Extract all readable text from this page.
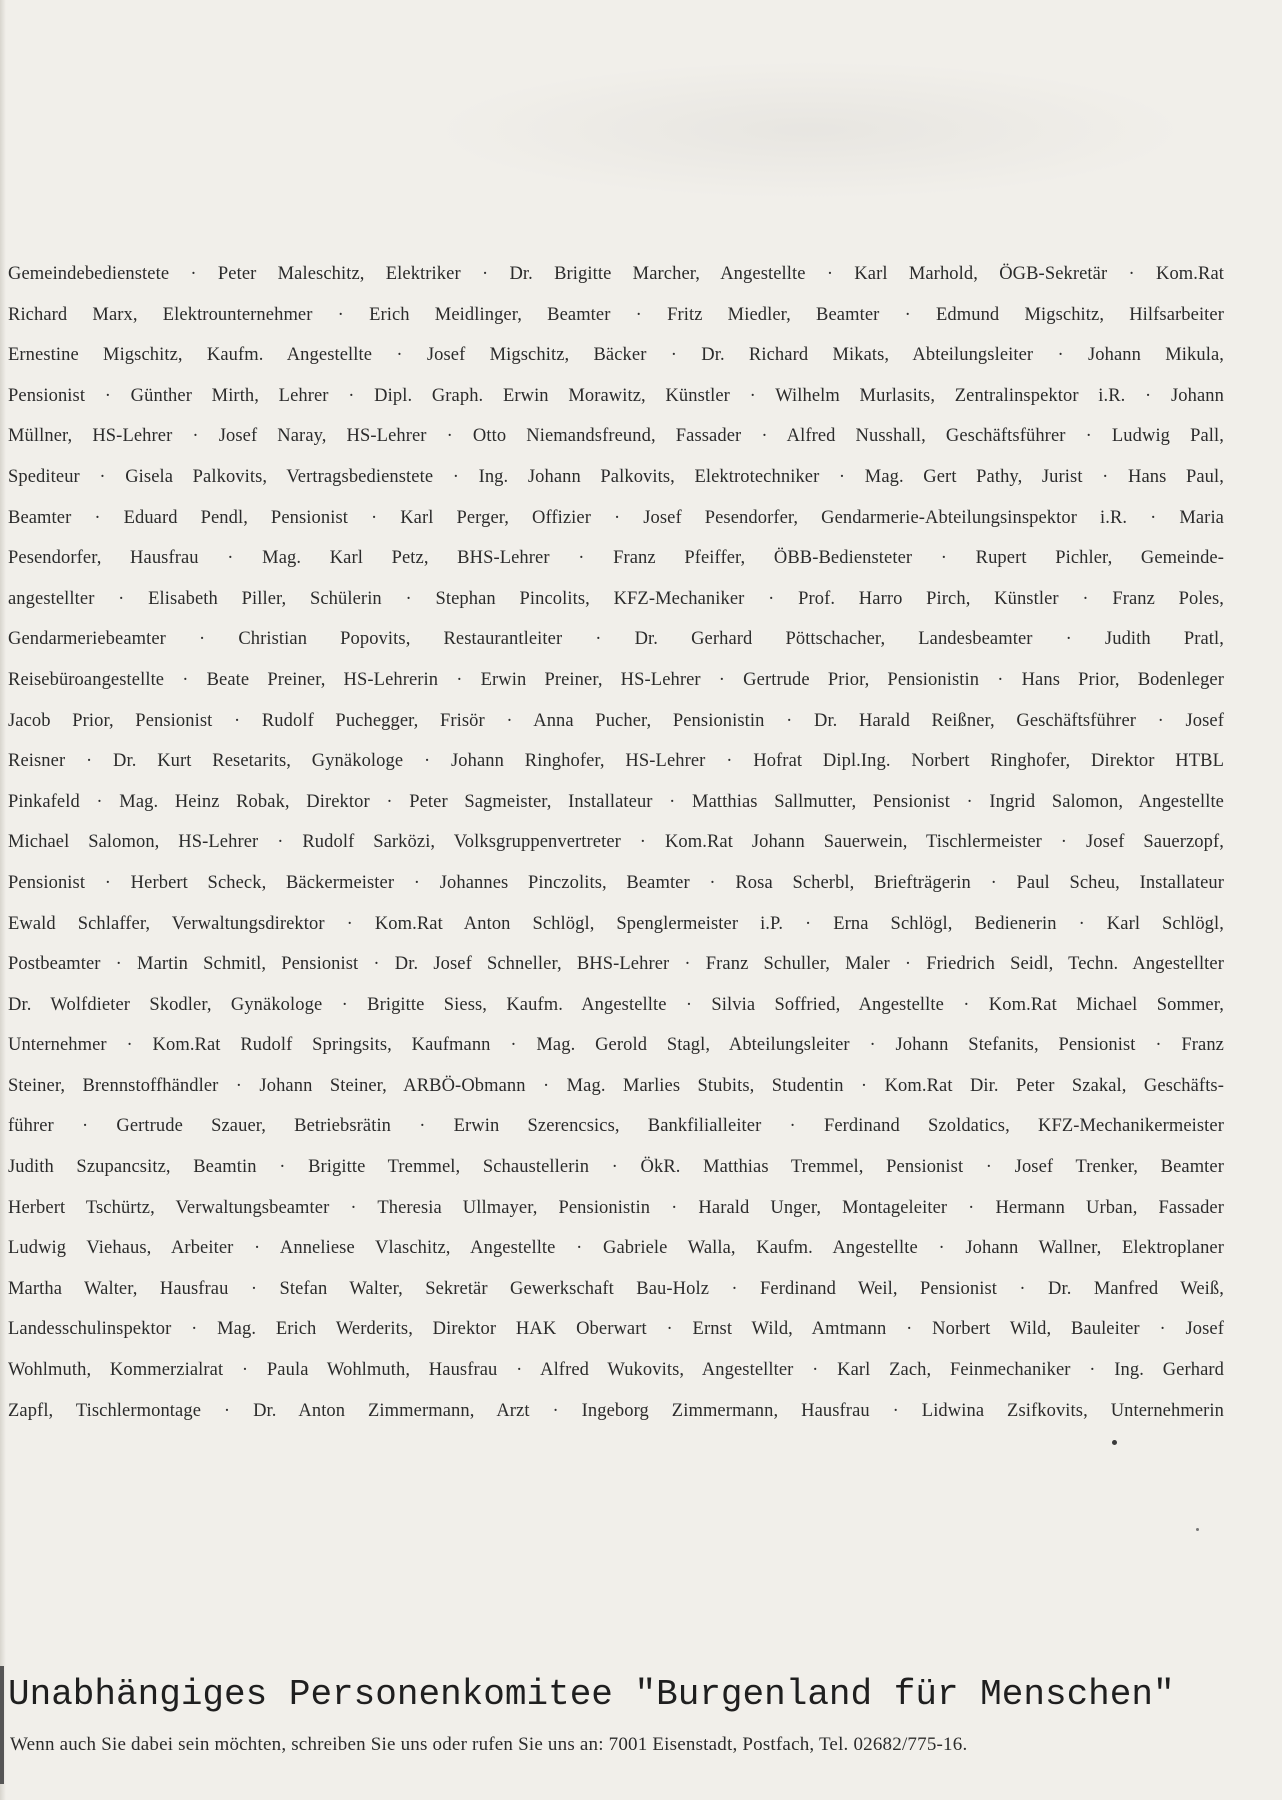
Gemeindebedienstete · Peter Maleschitz, Elektriker · Dr. Brigitte Marcher, Angestellte · Karl Marhold, ÖGB-Sekretär · Kom.Rat
Richard Marx, Elektrounternehmer · Erich Meidlinger, Beamter · Fritz Miedler, Beamter · Edmund Migschitz, Hilfsarbeiter
Ernestine Migschitz, Kaufm. Angestellte · Josef Migschitz, Bäcker · Dr. Richard Mikats, Abteilungsleiter · Johann Mikula,
Pensionist · Günther Mirth, Lehrer · Dipl. Graph. Erwin Morawitz, Künstler · Wilhelm Murlasits, Zentralinspektor i.R. · Johann
Müllner, HS-Lehrer · Josef Naray, HS-Lehrer · Otto Niemandsfreund, Fassader · Alfred Nusshall, Geschäftsführer · Ludwig Pall,
Spediteur · Gisela Palkovits, Vertragsbedienstete · Ing. Johann Palkovits, Elektrotechniker · Mag. Gert Pathy, Jurist · Hans Paul,
Beamter · Eduard Pendl, Pensionist · Karl Perger, Offizier · Josef Pesendorfer, Gendarmerie-Abteilungsinspektor i.R. · Maria
Pesendorfer, Hausfrau · Mag. Karl Petz, BHS-Lehrer · Franz Pfeiffer, ÖBB-Bediensteter · Rupert Pichler, Gemeinde-
angestellter · Elisabeth Piller, Schülerin · Stephan Pincolits, KFZ-Mechaniker · Prof. Harro Pirch, Künstler · Franz Poles,
Gendarmeriebeamter · Christian Popovits, Restaurantleiter · Dr. Gerhard Pöttschacher, Landesbeamter · Judith Pratl,
Reisebüroangestellte · Beate Preiner, HS-Lehrerin · Erwin Preiner, HS-Lehrer · Gertrude Prior, Pensionistin · Hans Prior, Bodenleger
Jacob Prior, Pensionist · Rudolf Puchegger, Frisör · Anna Pucher, Pensionistin · Dr. Harald Reißner, Geschäftsführer · Josef
Reisner · Dr. Kurt Resetarits, Gynäkologe · Johann Ringhofer, HS-Lehrer · Hofrat Dipl.Ing. Norbert Ringhofer, Direktor HTBL
Pinkafeld · Mag. Heinz Robak, Direktor · Peter Sagmeister, Installateur · Matthias Sallmutter, Pensionist · Ingrid Salomon, Angestellte
Michael Salomon, HS-Lehrer · Rudolf Sarközi, Volksgruppenvertreter · Kom.Rat Johann Sauerwein, Tischlermeister · Josef Sauerzopf,
Pensionist · Herbert Scheck, Bäckermeister · Johannes Pinczolits, Beamter · Rosa Scherbl, Briefträgerin · Paul Scheu, Installateur
Ewald Schlaffer, Verwaltungsdirektor · Kom.Rat Anton Schlögl, Spenglermeister i.P. · Erna Schlögl, Bedienerin · Karl Schlögl,
Postbeamter · Martin Schmitl, Pensionist · Dr. Josef Schneller, BHS-Lehrer · Franz Schuller, Maler · Friedrich Seidl, Techn. Angestellter
Dr. Wolfdieter Skodler, Gynäkologe · Brigitte Siess, Kaufm. Angestellte · Silvia Soffried, Angestellte · Kom.Rat Michael Sommer,
Unternehmer · Kom.Rat Rudolf Springsits, Kaufmann · Mag. Gerold Stagl, Abteilungsleiter · Johann Stefanits, Pensionist · Franz
Steiner, Brennstoffhändler · Johann Steiner, ARBÖ-Obmann · Mag. Marlies Stubits, Studentin · Kom.Rat Dir. Peter Szakal, Geschäfts-
führer · Gertrude Szauer, Betriebsrätin · Erwin Szerencsics, Bankfilialleiter · Ferdinand Szoldatics, KFZ-Mechanikermeister
Judith Szupancsitz, Beamtin · Brigitte Tremmel, Schaustellerin · ÖkR. Matthias Tremmel, Pensionist · Josef Trenker, Beamter
Herbert Tschürtz, Verwaltungsbeamter · Theresia Ullmayer, Pensionistin · Harald Unger, Montageleiter · Hermann Urban, Fassader
Ludwig Viehaus, Arbeiter · Anneliese Vlaschitz, Angestellte · Gabriele Walla, Kaufm. Angestellte · Johann Wallner, Elektroplaner
Martha Walter, Hausfrau · Stefan Walter, Sekretär Gewerkschaft Bau-Holz · Ferdinand Weil, Pensionist · Dr. Manfred Weiß,
Landesschulinspektor · Mag. Erich Werderits, Direktor HAK Oberwart · Ernst Wild, Amtmann · Norbert Wild, Bauleiter · Josef
Wohlmuth, Kommerzialrat · Paula Wohlmuth, Hausfrau · Alfred Wukovits, Angestellter · Karl Zach, Feinmechaniker · Ing. Gerhard
Zapfl, Tischlermontage · Dr. Anton Zimmermann, Arzt · Ingeborg Zimmermann, Hausfrau · Lidwina Zsifkovits, Unternehmerin
Unabhängiges Personenkomitee "Burgenland für Menschen"
Wenn auch Sie dabei sein möchten, schreiben Sie uns oder rufen Sie uns an: 7001 Eisenstadt, Postfach, Tel. 02682/775-16.
